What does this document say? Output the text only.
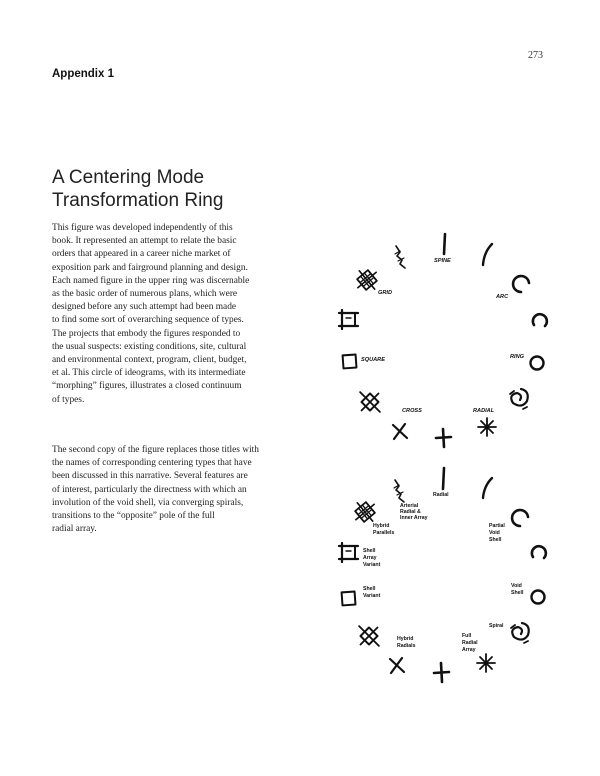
273
Appendix 1
A Centering Mode
Transformation Ring

This figure was developed independently of this
book. It represented an attempt to relate the basic
orders that appeared in a career niche market of
exposition park and fairground planning and design.
Each named figure in the upper ring was discernable
as the basic order of numerous plans, which were
designed before any such attempt had been made
to find some sort of overarching sequence of types.
The projects that embody the figures responded to
the usual suspects: existing conditions, site, cultural
and environmental context, program, client, budget,
et al. This circle of ideograms, with its intermediate
“morphing” figures, illustrates a closed continuum
of types.

The second copy of the figure replaces those titles with
the names of corresponding centering types that have
been discussed in this narrative. Several features are
of interest, particularly the directness with which an
involution of the void shell, via converging spirals,
transitions to the “opposite” pole of the full
radial array.

SPINE
ARC
GRID
SQUARE	RING
CROSS	RADIAL
Radial
Arterial
Radial &
Inner Array
Partial
Void
Shell
Hybrid
Parallels
Shell
Array
Variant
Shell
Variant
Void
Shell
Hybrid
Radials
Spiral
Full
Radial
Array
